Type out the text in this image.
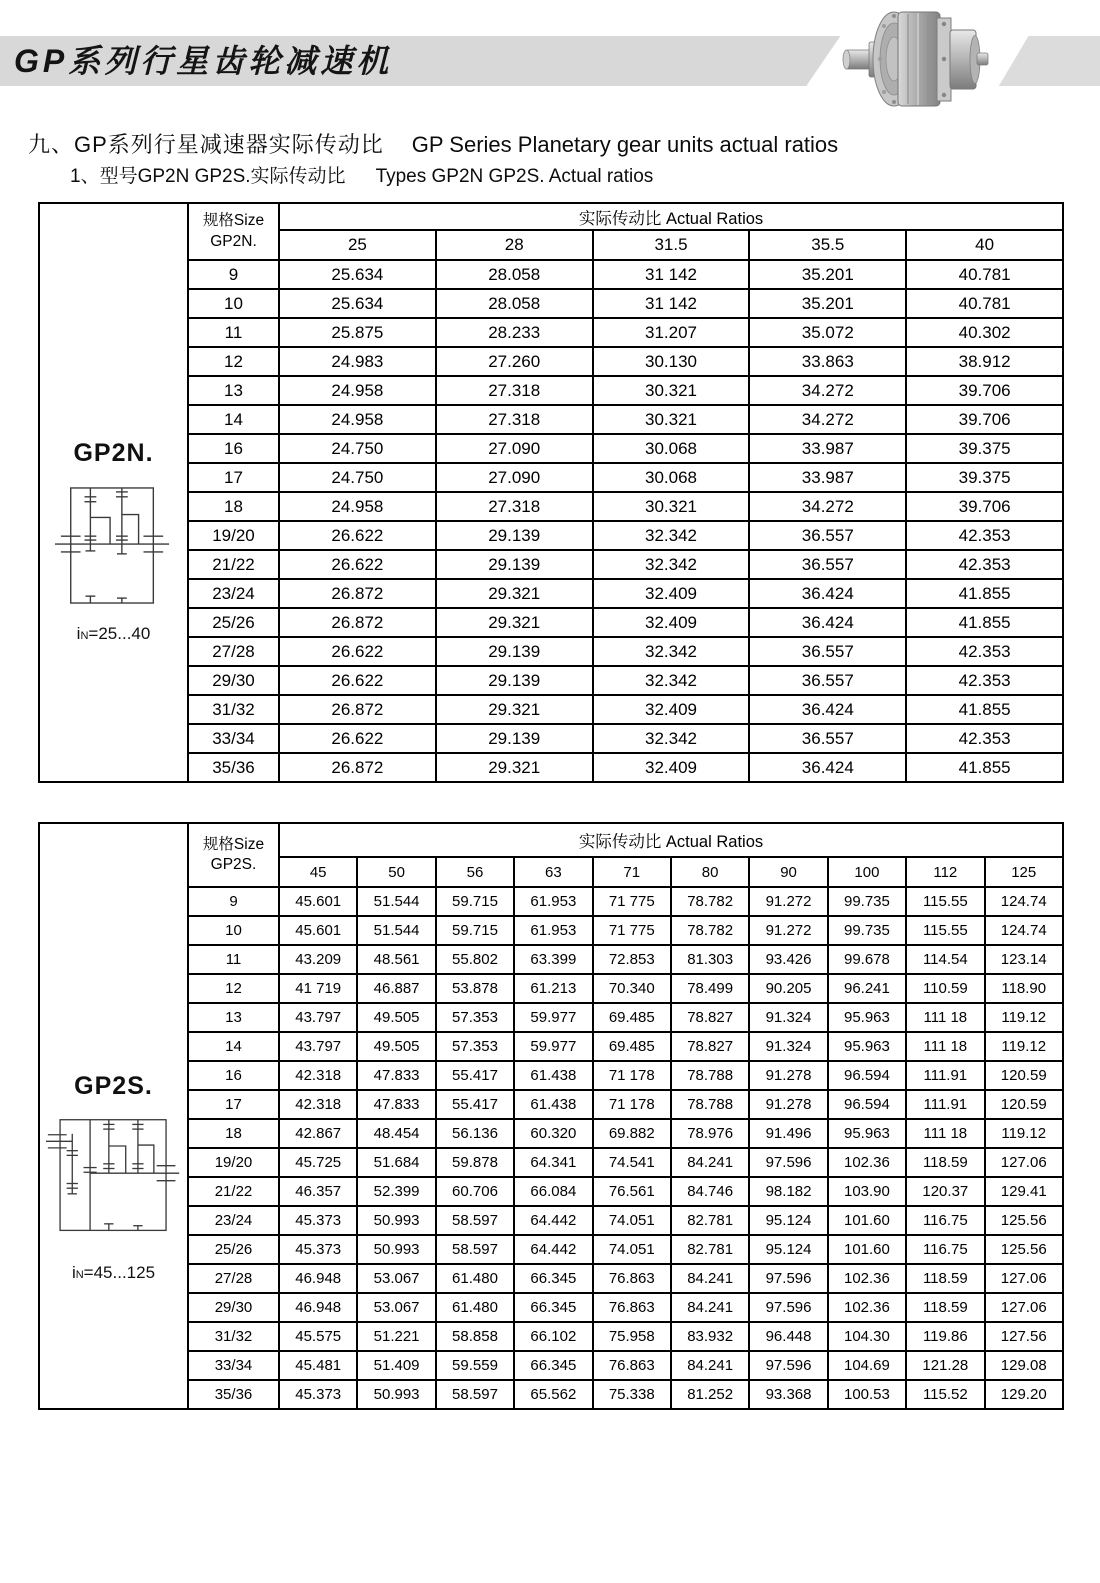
GP系列行星齿轮减速机
九、GP系列行星减速器实际传动比 GP Series Planetary gear units actual ratios
1、型号GP2N GP2S.实际传动比 Types GP2N GP2S. Actual ratios
GP2N.
iN=25...40

规格Size
GP2N.
	实际传动比 Actual Ratios
		25	28	31.5	35.5	40
	9	25.634	28.058	31 142	35.201	40.781
	10	25.634	28.058	31 142	35.201	40.781
	11	25.875	28.233	31.207	35.072	40.302
	12	24.983	27.260	30.130	33.863	38.912
	13	24.958	27.318	30.321	34.272	39.706
	14	24.958	27.318	30.321	34.272	39.706
	16	24.750	27.090	30.068	33.987	39.375
	17	24.750	27.090	30.068	33.987	39.375
	18	24.958	27.318	30.321	34.272	39.706
	19/20	26.622	29.139	32.342	36.557	42.353
	21/22	26.622	29.139	32.342	36.557	42.353
	23/24	26.872	29.321	32.409	36.424	41.855
	25/26	26.872	29.321	32.409	36.424	41.855
	27/28	26.622	29.139	32.342	36.557	42.353
	29/30	26.622	29.139	32.342	36.557	42.353
	31/32	26.872	29.321	32.409	36.424	41.855
	33/34	26.622	29.139	32.342	36.557	42.353
	35/36	26.872	29.321	32.409	36.424	41.855
GP2S.
iN=45...125

规格Size
GP2S.
	实际传动比 Actual Ratios
		45	50	56	63	71	80	90	100	112	125
	9	45.601	51.544	59.715	61.953	71 775	78.782	91.272	99.735	115.55	124.74
	10	45.601	51.544	59.715	61.953	71 775	78.782	91.272	99.735	115.55	124.74
	11	43.209	48.561	55.802	63.399	72.853	81.303	93.426	99.678	114.54	123.14
	12	41 719	46.887	53.878	61.213	70.340	78.499	90.205	96.241	110.59	118.90
	13	43.797	49.505	57.353	59.977	69.485	78.827	91.324	95.963	111 18	119.12
	14	43.797	49.505	57.353	59.977	69.485	78.827	91.324	95.963	111 18	119.12
	16	42.318	47.833	55.417	61.438	71 178	78.788	91.278	96.594	111.91	120.59
	17	42.318	47.833	55.417	61.438	71 178	78.788	91.278	96.594	111.91	120.59
	18	42.867	48.454	56.136	60.320	69.882	78.976	91.496	95.963	111 18	119.12
	19/20	45.725	51.684	59.878	64.341	74.541	84.241	97.596	102.36	118.59	127.06
	21/22	46.357	52.399	60.706	66.084	76.561	84.746	98.182	103.90	120.37	129.41
	23/24	45.373	50.993	58.597	64.442	74.051	82.781	95.124	101.60	116.75	125.56
	25/26	45.373	50.993	58.597	64.442	74.051	82.781	95.124	101.60	116.75	125.56
	27/28	46.948	53.067	61.480	66.345	76.863	84.241	97.596	102.36	118.59	127.06
	29/30	46.948	53.067	61.480	66.345	76.863	84.241	97.596	102.36	118.59	127.06
	31/32	45.575	51.221	58.858	66.102	75.958	83.932	96.448	104.30	119.86	127.56
	33/34	45.481	51.409	59.559	66.345	76.863	84.241	97.596	104.69	121.28	129.08
	35/36	45.373	50.993	58.597	65.562	75.338	81.252	93.368	100.53	115.52	129.20
